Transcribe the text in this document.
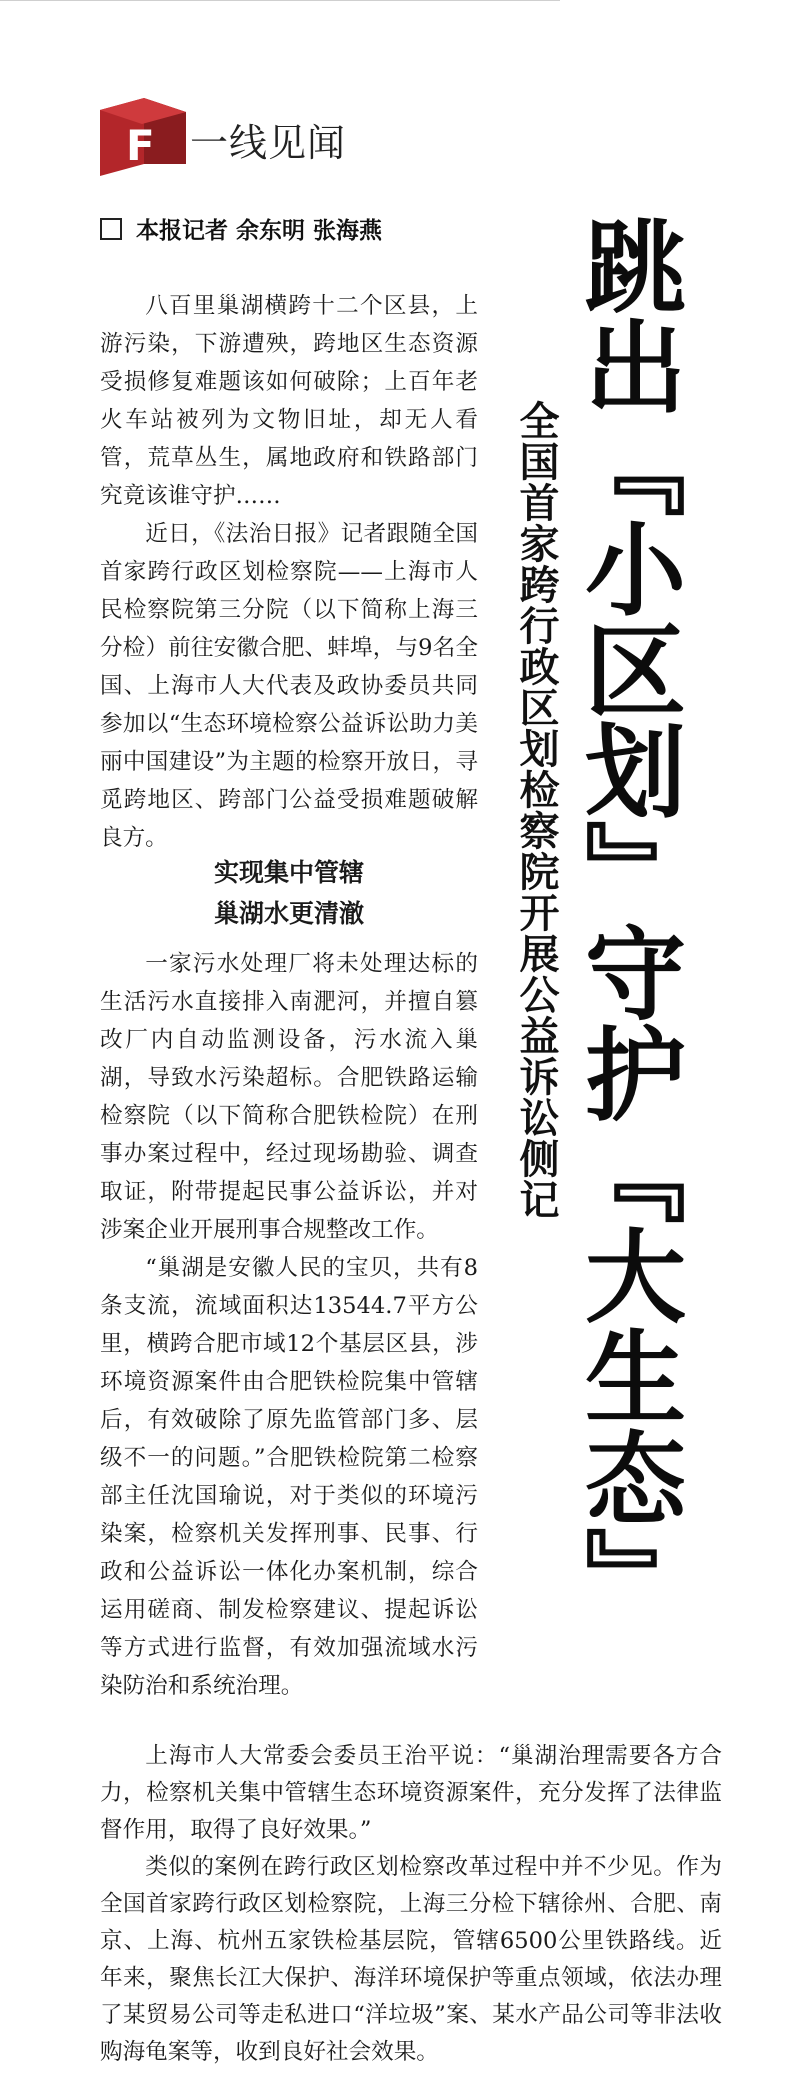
F 一线见闻
本报记者 余东明 张海燕 跳出『小区划』守护『大生态』
全国首家跨行政区划检察院开展公益诉讼侧记

八百里巢湖横跨十二个区县，上游污染，下游遭殃，跨地区生态资源受损修复难题该如何破除；上百年老火车站被列为文物旧址，却无人看管，荒草丛生，属地政府和铁路部门究竟该谁守护……

近日，《法治日报》记者跟随全国首家跨行政区划检察院——上海市人民检察院第三分院（以下简称上海三分检）前往安徽合肥、蚌埠，与9名全国、上海市人大代表及政协委员共同参加以“生态环境检察公益诉讼助力美丽中国建设”为主题的检察开放日，寻觅跨地区、跨部门公益受损难题破解良方。

实现集中管辖
巢湖水更清澈

一家污水处理厂将未处理达标的生活污水直接排入南淝河，并擅自篡改厂内自动监测设备，污水流入巢湖，导致水污染超标。合肥铁路运输检察院（以下简称合肥铁检院）在刑事办案过程中，经过现场勘验、调查取证，附带提起民事公益诉讼，并对涉案企业开展刑事合规整改工作。

“巢湖是安徽人民的宝贝，共有8条支流，流域面积达13544.7平方公里，横跨合肥市域12个基层区县，涉环境资源案件由合肥铁检院集中管辖后，有效破除了原先监管部门多、层级不一的问题。”合肥铁检院第二检察部主任沈国瑜说，对于类似的环境污染案，检察机关发挥刑事、民事、行政和公益诉讼一体化办案机制，综合运用磋商、制发检察建议、提起诉讼等方式进行监督，有效加强流域水污染防治和系统治理。

上海市人大常委会委员王治平说：“巢湖治理需要各方合力，检察机关集中管辖生态环境资源案件，充分发挥了法律监督作用，取得了良好效果。”

类似的案例在跨行政区划检察改革过程中并不少见。作为全国首家跨行政区划检察院，上海三分检下辖徐州、合肥、南京、上海、杭州五家铁检基层院，管辖6500公里铁路线。近年来，聚焦长江大保护、海洋环境保护等重点领域，依法办理了某贸易公司等走私进口“洋垃圾”案、某水产品公司等非法收购海龟案等，收到良好社会效果。
